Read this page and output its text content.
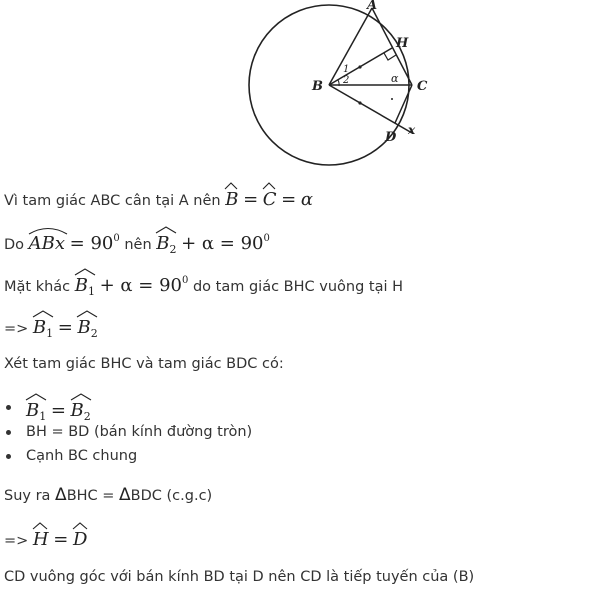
A
H
B	C
D x
1
2	α
Vì tam giác ABC cân tại A nên B = C = α
Do ABx = $90^0$ nên $B_2 + \alpha = 90^0$
Mặt khác $B_1 + \alpha = 90^0$ do tam giác BHC vuông tại H
=> $B_1 = B_2$
Xét tam giác BHC và tam giác BDC có:
$B_1 = B_2$
BH = BD (bán kính đường tròn)
Cạnh BC chung
Suy ra ΔBHC = ΔBDC (c.g.c)
=> H = D
CD vuông góc với bán kính BD tại D nên CD là tiếp tuyến của (B)
